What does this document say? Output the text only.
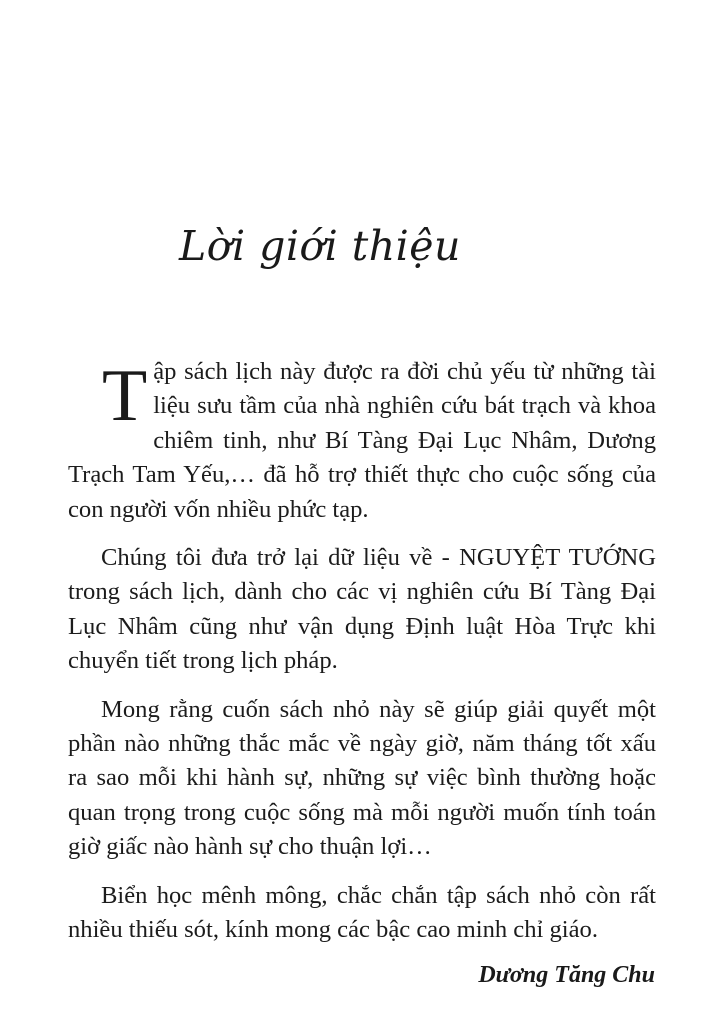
Lời giới thiệu

Tập sách lịch này được ra đời chủ yếu từ những tài liệu sưu tầm của nhà nghiên cứu bát trạch và khoa chiêm tinh, như Bí Tàng Đại Lục Nhâm, Dương Trạch Tam Yếu,… đã hỗ trợ thiết thực cho cuộc sống của con người vốn nhiều phức tạp.

Chúng tôi đưa trở lại dữ liệu về - NGUYỆT TƯỚNG trong sách lịch, dành cho các vị nghiên cứu Bí Tàng Đại Lục Nhâm cũng như vận dụng Định luật Hòa Trực khi chuyển tiết trong lịch pháp.

Mong rằng cuốn sách nhỏ này sẽ giúp giải quyết một phần nào những thắc mắc về ngày giờ, năm tháng tốt xấu ra sao mỗi khi hành sự, những sự việc bình thường hoặc quan trọng trong cuộc sống mà mỗi người muốn tính toán giờ giấc nào hành sự cho thuận lợi…

Biển học mênh mông, chắc chắn tập sách nhỏ còn rất nhiều thiếu sót, kính mong các bậc cao minh chỉ giáo.

Dương Tăng Chu
